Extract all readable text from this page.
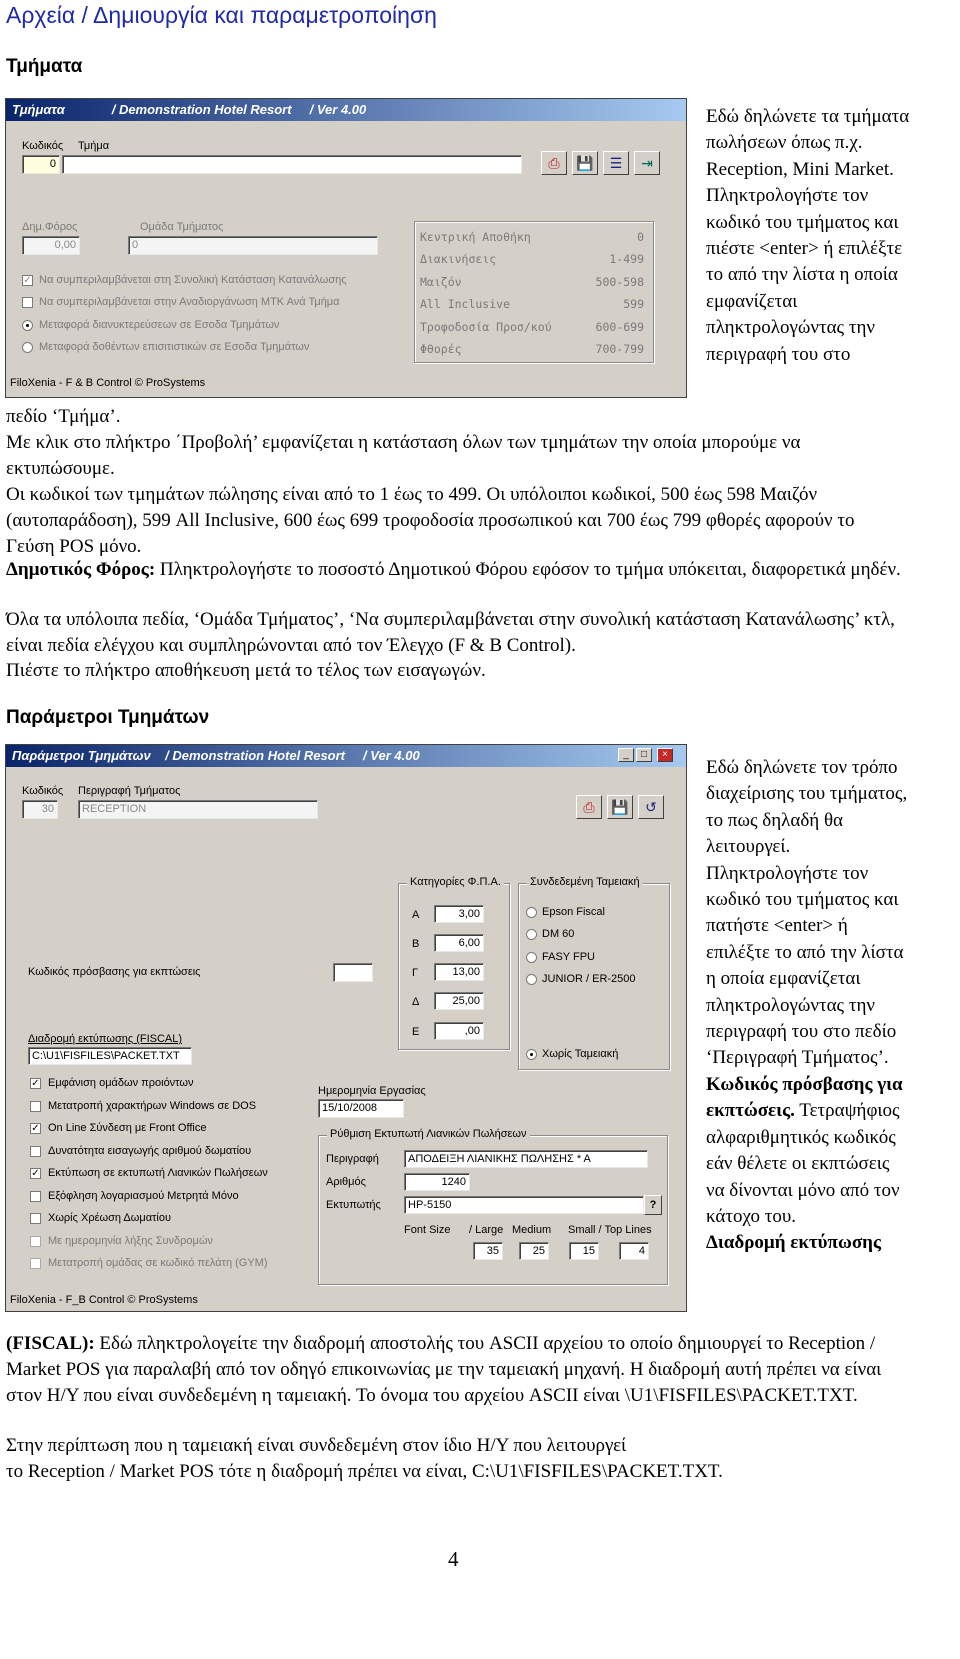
Αρχεία / Δημιουργία και παραμετροποίηση
Τμήματα
Τμήματα             / Demonstration Hotel Resort     / Ver 4.00
Κωδικός Τμήμα
0	⎙	💾	☰	⇥
Δημ.Φόρος	Ομάδα Τμήματος
0,00	0
✓ Να συμπεριλαμβάνεται στη Συνολική Κατάσταση Κατανάλωσης
Να συμπεριλαμβάνεται στην Αναδιοργάνωση ΜΤΚ Ανά Τμήμα
Μεταφορά διανυκτερεύσεων σε Εσοδα Τμημάτων
Μεταφορά δοθέντων επισιτιστικών σε Εσοδα Τμημάτων
Κεντρική Αποθήκη	0
Διακινήσεις	1-499
Μαιζόν	500-598
All Inclusive	599
Τροφοδοσία Προσ/κού	600-699
Φθορές	700-799
FiloXenia - F & B Control © ProSystems
Εδώ δηλώνετε τα τμήματα πωλήσεων όπως π.χ. Reception, Mini Market. Πληκτρολογήστε τον κωδικό του τμήματος και πιέστε <enter> ή επιλέξτε το από την λίστα η οποία εμφανίζεται πληκτρολογώντας την περιγραφή του στο
πεδίο ‘Τμήμα’.
Με κλικ στο πλήκτρο ΄Προβολή’ εμφανίζεται η κατάσταση όλων των τμημάτων την οποία μπορούμε να εκτυπώσουμε.
Οι κωδικοί των τμημάτων πώλησης είναι από το 1 έως το 499. Οι υπόλοιποι κωδικοί, 500 έως 598 Μαιζόν (αυτοπαράδοση), 599 All Inclusive, 600 έως 699 τροφοδοσία προσωπικού και 700 έως 799 φθορές αφορούν το Γεύση POS μόνο.
Δημοτικός Φόρος: Πληκτρολογήστε το ποσοστό Δημοτικού Φόρου εφόσον το τμήμα υπόκειται, διαφορετικά μηδέν.
Όλα τα υπόλοιπα πεδία, ‘Ομάδα Τμήματος’, ‘Να συμπεριλαμβάνεται στην συνολική κατάσταση Κατανάλωσης’ κτλ, είναι πεδία ελέγχου και συμπληρώνονται από τον Έλεγχο (F & B Control).
Πιέστε το πλήκτρο αποθήκευση μετά το τέλος των εισαγωγών.
Παράμετροι Τμημάτων
Παράμετροι Τμημάτων    / Demonstration Hotel Resort     / Ver 4.00	_	□	×
Κωδικός Περιγραφή Τμήματος
30	RECEPTION	⎙	💾	↺
Κατηγορίες Φ.Π.Α.
Α	3,00
Β	6,00
Γ	13,00
Δ	25,00
Ε	,00
Συνδεδεμένη Ταμειακή
Epson Fiscal
DM 60
FASY FPU
JUNIOR / ER-2500
Χωρίς Ταμειακή
Κωδικός πρόσβασης για εκπτώσεις
Διαδρομή εκτύπωσης (FISCAL)
C:\U1\FISFILES\PACKET.TXT
✓ Εμφάνιση ομάδων προιόντων
Μετατροπή χαρακτήρων Windows σε DOS
✓ On Line Σύνδεση με Front Office
Δυνατότητα εισαγωγής αριθμού δωματίου
✓ Εκτύπωση σε εκτυπωτή Λιανικών Πωλήσεων
Εξόφληση λογαριασμού Μετρητά Μόνο
Χωρίς Χρέωση Δωματίου
Με ημερομηνία λήξης Συνδρομών
Μετατροπή ομάδας σε κωδικό πελάτη (GYM)
Ημερομηνία Εργασίας
15/10/2008
Ρύθμιση Εκτυπωτή Λιανικών Πωλήσεων
Περιγραφή	ΑΠΟΔΕΙΞΗ ΛΙΑΝΙΚΗΣ ΠΩΛΗΣΗΣ * Α
Αριθμός	1240
Εκτυπωτής	HP-5150	?
Font Size / Large Medium Small / Top Lines
35	25	15	4
FiloXenia - F_B Control © ProSystems
Εδώ δηλώνετε τον τρόπο διαχείρισης του τμήματος, το πως δηλαδή θα λειτουργεί. Πληκτρολογήστε τον κωδικό του τμήματος και πατήστε <enter> ή επιλέξτε το από την λίστα η οποία εμφανίζεται πληκτρολογώντας την περιγραφή του στο πεδίο ‘Περιγραφή Τμήματος’. Κωδικός πρόσβασης για εκπτώσεις. Τετραψήφιος αλφαριθμητικός κωδικός εάν θέλετε οι εκπτώσεις να δίνονται μόνο από τον κάτοχο του.
Διαδρομή εκτύπωσης
(FISCAL): Εδώ πληκτρολογείτε την διαδρομή αποστολής του ASCII αρχείου το οποίο δημιουργεί το Reception / Market POS για παραλαβή από τον οδηγό επικοινωνίας με την ταμειακή μηχανή. Η διαδρομή αυτή πρέπει να είναι στον Η/Υ που είναι συνδεδεμένη η ταμειακή. Το όνομα του αρχείου ASCII είναι \U1\FISFILES\PACKET.TXT.
Στην περίπτωση που η ταμειακή είναι συνδεδεμένη στον ίδιο Η/Υ που λειτουργεί
το Reception / Market POS τότε η διαδρομή πρέπει να είναι, C:\U1\FISFILES\PACKET.TXT.
4
